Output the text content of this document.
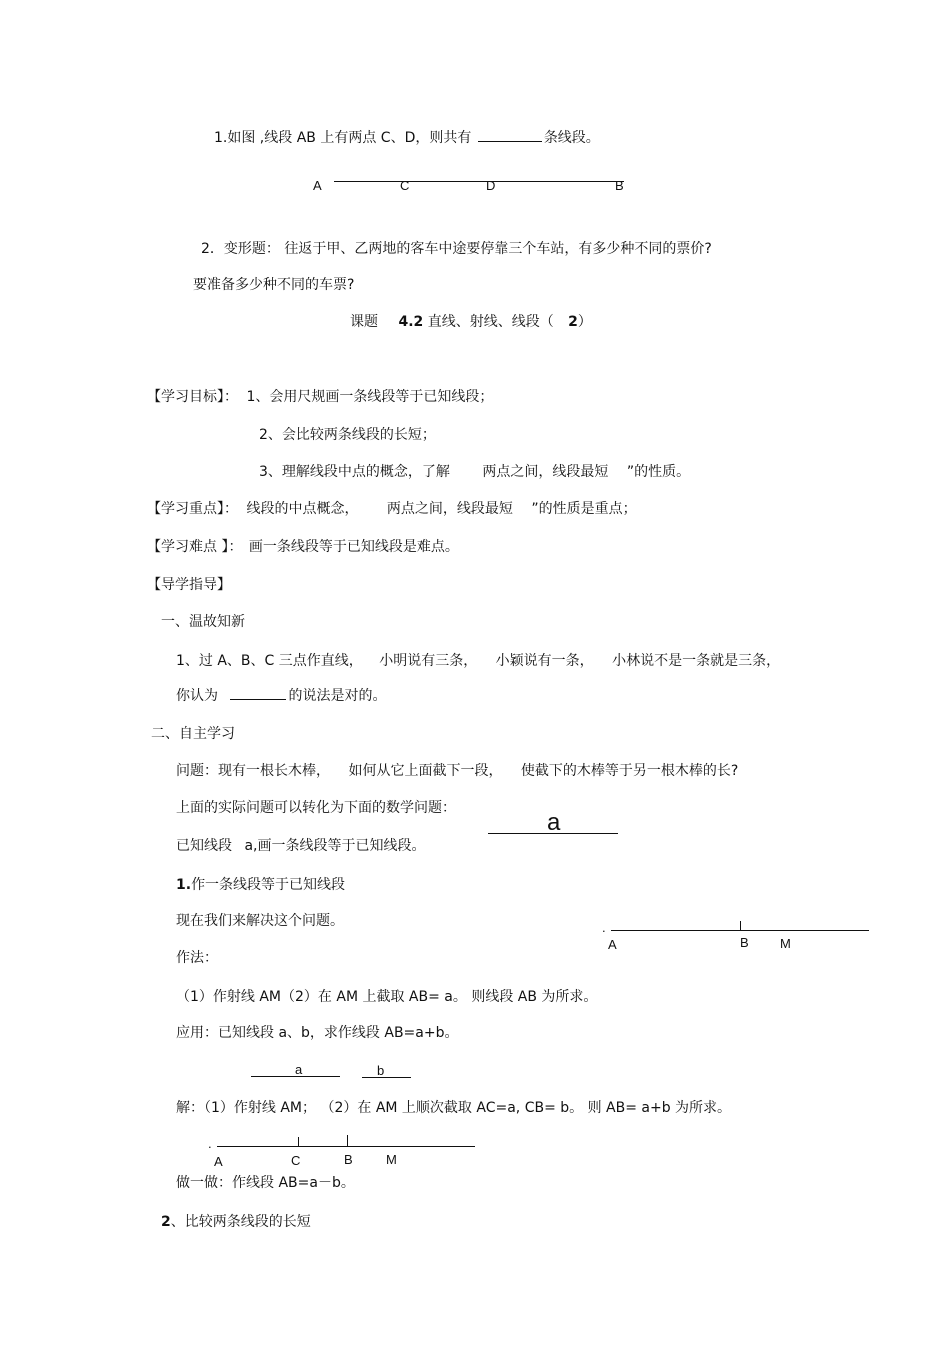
1.如图 ,线段 AB 上有两点 C、D，则共有	条线段。
A	C	D	B
2．变形题： 往返于甲、乙两地的客车中途要停靠三个车站，有多少种不同的票价?
要准备多少种不同的车票?
课题 4.2 直线、射线、线段（ 2）
【学习目标】： 1、会用尺规画一条线段等于已知线段；
2、会比较两条线段的长短；
3、理解线段中点的概念，了解 两点之间，线段最短 ”的性质。
【学习重点】： 线段的中点概念， 两点之间，线段最短 ”的性质是重点；
【学习难点 】： 画一条线段等于已知线段是难点。
【导学指导】
一、温故知新
1、过 A、B、C 三点作直线， 小明说有三条， 小颖说有一条， 小林说不是一条就是三条，
你认为	的说法是对的。
二、自主学习
问题：现有一根长木棒， 如何从它上面截下一段， 使截下的木棒等于另一根木棒的长?
上面的实际问题可以转化为下面的数学问题：
a
已知线段 a,画一条线段等于已知线段。
1.作一条线段等于已知线段
现在我们来解决这个问题。	.
A	B M
作法：
（1）作射线 AM（2）在 AM 上截取 AB= a。 则线段 AB 为所求。
应用：已知线段 a、b，求作线段 AB=a+b。
a	b
解：（1）作射线 AM； （2）在 AM 上顺次截取 AC=a, CB= b。 则 AB= a+b 为所求。
.
A	C	B	M
做一做：作线段 AB=a－b。
2、比较两条线段的长短
